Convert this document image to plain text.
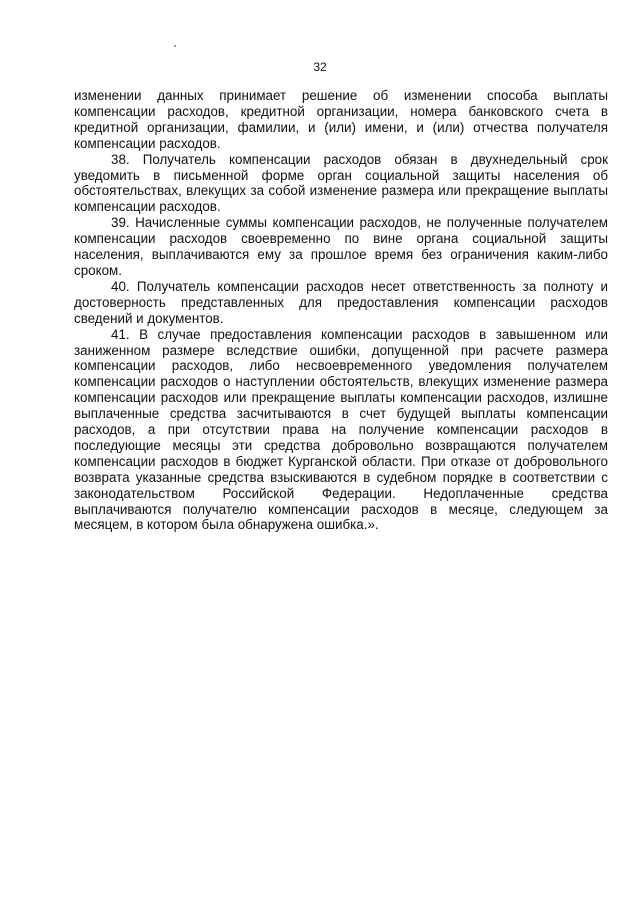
32

изменении данных принимает решение об изменении способа выплаты компенсации расходов, кредитной организации, номера банковского счета в кредитной организации, фамилии, и (или) имени, и (или) отчества получателя компенсации расходов.

38. Получатель компенсации расходов обязан в двухнедельный срок уведомить в письменной форме орган социальной защиты населения об обстоятельствах, влекущих за собой изменение размера или прекращение выплаты компенсации расходов.

39. Начисленные суммы компенсации расходов, не полученные получателем компенсации расходов своевременно по вине органа социальной защиты населения, выплачиваются ему за прошлое время без ограничения каким-либо сроком.

40. Получатель компенсации расходов несет ответственность за полноту и достоверность представленных для предоставления компенсации расходов сведений и документов.

41. В случае предоставления компенсации расходов в завышенном или заниженном размере вследствие ошибки, допущенной при расчете размера компенсации расходов, либо несвоевременного уведомления получателем компенсации расходов о наступлении обстоятельств, влекущих изменение размера компенсации расходов или прекращение выплаты компенсации расходов, излишне выплаченные средства засчитываются в счет будущей выплаты компенсации расходов, а при отсутствии права на получение компенсации расходов в последующие месяцы эти средства добровольно возвращаются получателем компенсации расходов в бюджет Курганской области. При отказе от добровольного возврата указанные средства взыскиваются в судебном порядке в соответствии с законодательством Российской Федерации. Недоплаченные средства выплачиваются получателю компенсации расходов в месяце, следующем за месяцем, в котором была обнаружена ошибка.».
